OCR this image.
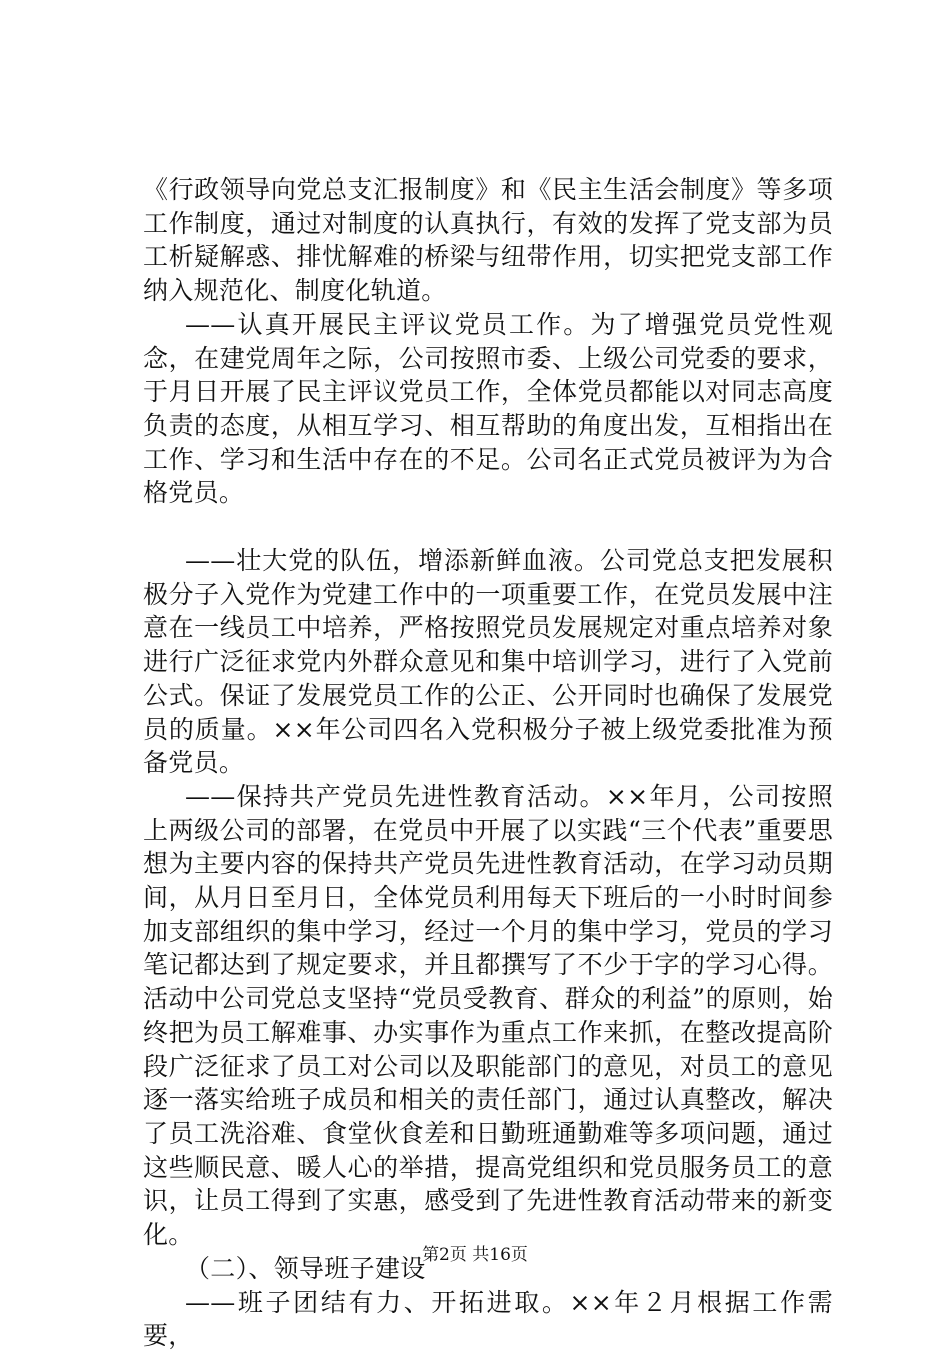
《行政领导向党总支汇报制度》和《民主生活会制度》等多项工作制度，通过对制度的认真执行，有效的发挥了党支部为员工析疑解惑、排忧解难的桥梁与纽带作用，切实把党支部工作纳入规范化、制度化轨道。

——认真开展民主评议党员工作。为了增强党员党性观念，在建党周年之际，公司按照市委、上级公司党委的要求，于月日开展了民主评议党员工作，全体党员都能以对同志高度负责的态度，从相互学习、相互帮助的角度出发，互相指出在工作、学习和生活中存在的不足。公司名正式党员被评为为合格党员。

——壮大党的队伍，增添新鲜血液。公司党总支把发展积极分子入党作为党建工作中的一项重要工作，在党员发展中注意在一线员工中培养，严格按照党员发展规定对重点培养对象进行广泛征求党内外群众意见和集中培训学习，进行了入党前公式。保证了发展党员工作的公正、公开同时也确保了发展党员的质量。××年公司四名入党积极分子被上级党委批准为预备党员。

——保持共产党员先进性教育活动。××年月，公司按照上两级公司的部署，在党员中开展了以实践“三个代表”重要思想为主要内容的保持共产党员先进性教育活动，在学习动员期间，从月日至月日，全体党员利用每天下班后的一小时时间参加支部组织的集中学习，经过一个月的集中学习，党员的学习笔记都达到了规定要求，并且都撰写了不少于字的学习心得。活动中公司党总支坚持“党员受教育、群众的利益”的原则，始终把为员工解难事、办实事作为重点工作来抓，在整改提高阶段广泛征求了员工对公司以及职能部门的意见，对员工的意见逐一落实给班子成员和相关的责任部门，通过认真整改，解决了员工洗浴难、食堂伙食差和日勤班通勤难等多项问题，通过这些顺民意、暖人心的举措，提高党组织和党员服务员工的意识，让员工得到了实惠，感受到了先进性教育活动带来的新变化。

（二）、领导班子建设

——班子团结有力、开拓进取。××年２月根据工作需要，

第2页 共16页
